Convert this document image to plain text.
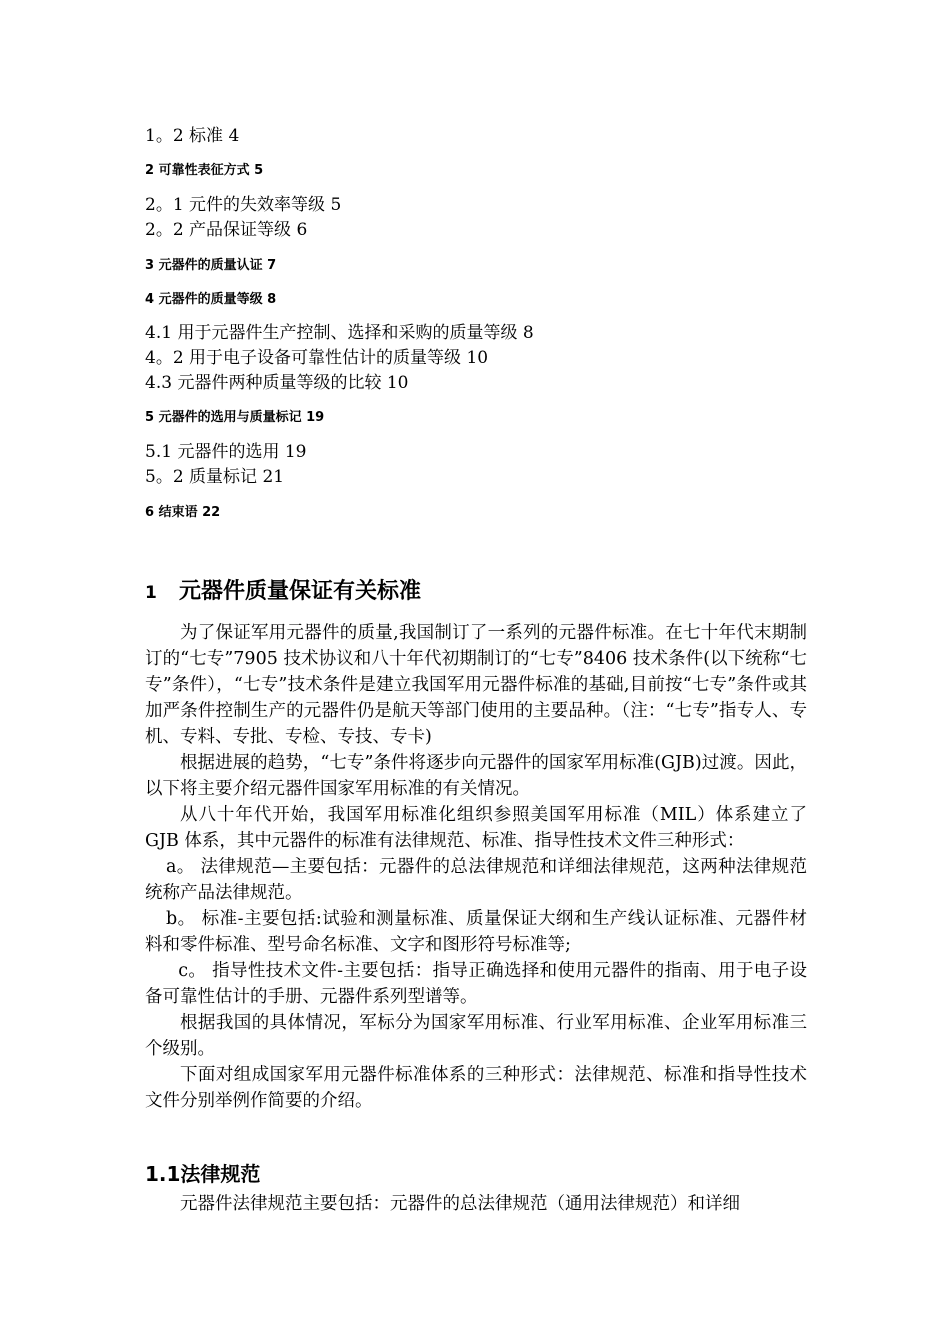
1。2 标准 4

2 可靠性表征方式 5

2。1 元件的失效率等级 5

2。2 产品保证等级 6

3 元器件的质量认证 7

4 元器件的质量等级 8

4.1 用于元器件生产控制、选择和采购的质量等级 8

4。2 用于电子设备可靠性估计的质量等级 10

4.3 元器件两种质量等级的比较 10

5 元器件的选用与质量标记 19

5.1 元器件的选用 19

5。2 质量标记 21

6 结束语 22

1 元器件质量保证有关标准

为了保证军用元器件的质量,我国制订了一系列的元器件标准。在七十年代末期制订的“七专”7905 技术协议和八十年代初期制订的“七专”8406 技术条件(以下统称“七专”条件），“七专”技术条件是建立我国军用元器件标准的基础,目前按“七专”条件或其加严条件控制生产的元器件仍是航天等部门使用的主要品种。（注：“七专”指专人、专机、专料、专批、专检、专技、专卡)

根据进展的趋势，“七专”条件将逐步向元器件的国家军用标准(GJB)过渡。因此，以下将主要介绍元器件国家军用标准的有关情况。

从八十年代开始，我国军用标准化组织参照美国军用标准（MIL）体系建立了 GJB 体系，其中元器件的标准有法律规范、标准、指导性技术文件三种形式：

a。 法律规范—主要包括：元器件的总法律规范和详细法律规范，这两种法律规范统称产品法律规范。

b。 标准-主要包括:试验和测量标准、质量保证大纲和生产线认证标准、元器件材料和零件标准、型号命名标准、文字和图形符号标准等;

c。 指导性技术文件-主要包括：指导正确选择和使用元器件的指南、用于电子设备可靠性估计的手册、元器件系列型谱等。

根据我国的具体情况，军标分为国家军用标准、行业军用标准、企业军用标准三个级别。

下面对组成国家军用元器件标准体系的三种形式：法律规范、标准和指导性技术文件分别举例作简要的介绍。

1.1法律规范

元器件法律规范主要包括：元器件的总法律规范（通用法律规范）和详细
